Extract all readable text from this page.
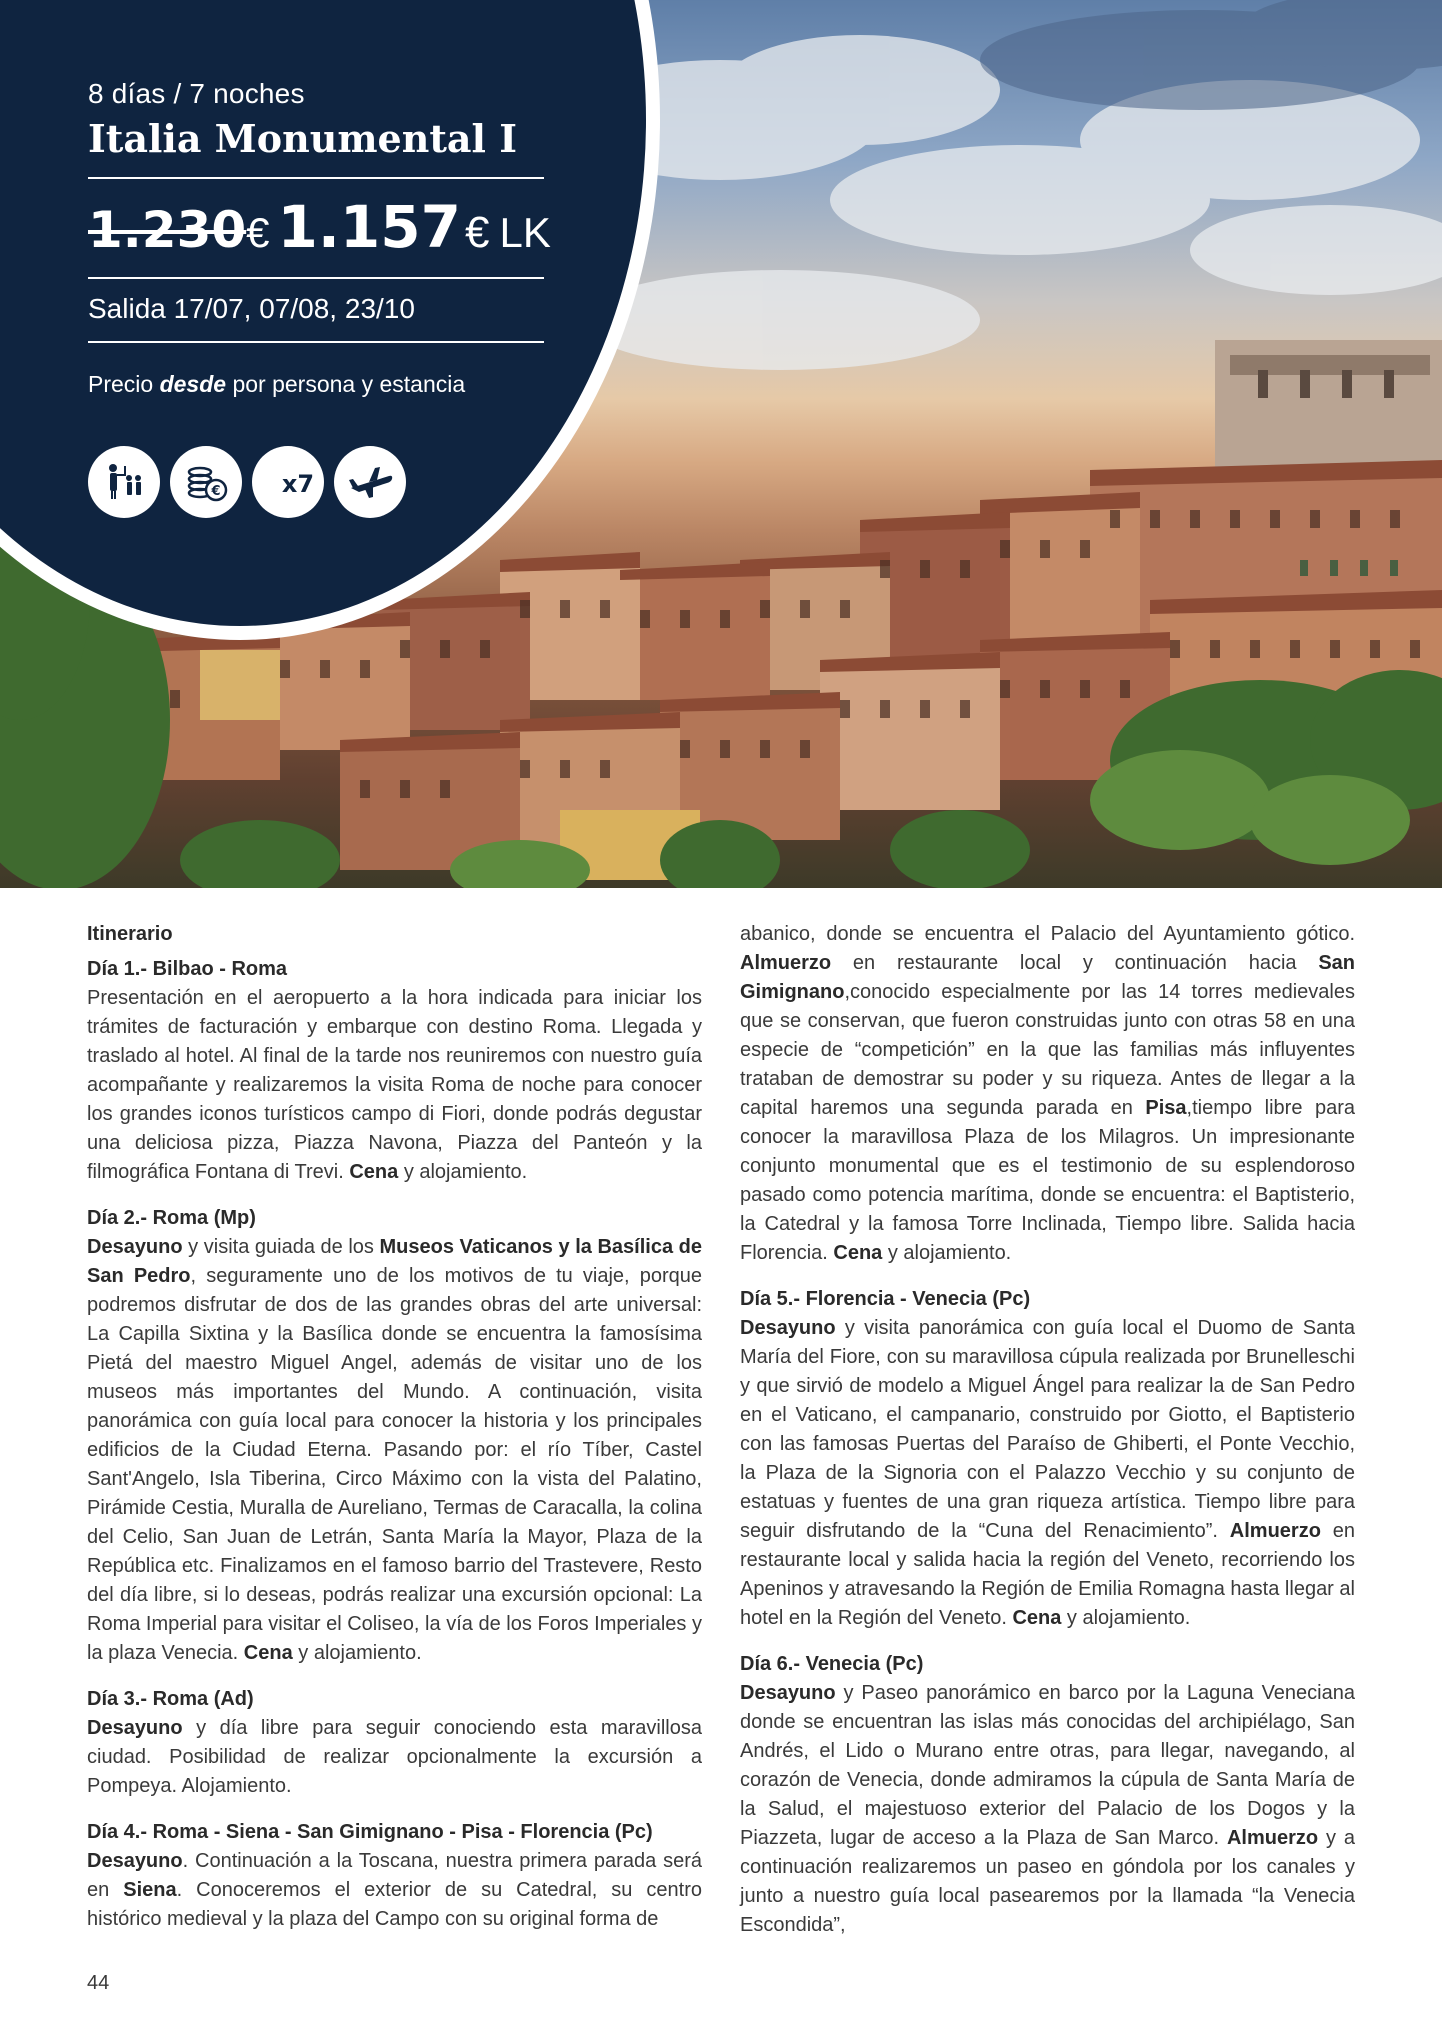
8 días / 7 noches
Italia Monumental I
1.230 € 1.157 € LK
Salida 17/07, 07/08, 23/10
Precio desde por persona y estancia
€	x7
Itinerario
Día 1.- Bilbao - Roma
Presentación en el aeropuerto a la hora indicada para iniciar los trámites de facturación y embarque con destino Roma. Llegada y traslado al hotel. Al final de la tarde nos reuniremos con nuestro guía acompañante y realizaremos la visita Roma de noche para conocer los grandes iconos turísticos campo di Fiori, donde podrás degustar una deliciosa pizza, Piazza Navona, Piazza del Panteón y la filmográfica Fontana di Trevi. Cena y alojamiento.
Día 2.- Roma (Mp)
Desayuno y visita guiada de los Museos Vaticanos y la Basílica de San Pedro, seguramente uno de los motivos de tu viaje, porque podremos disfrutar de dos de las grandes obras del arte universal: La Capilla Sixtina y la Basílica donde se encuentra la famosísima Pietá del maestro Miguel Angel, además de visitar uno de los museos más importantes del Mundo. A continuación, visita panorámica con guía local para conocer la historia y los principales edificios de la Ciudad Eterna. Pasando por: el río Tíber, Castel Sant'Angelo, Isla Tiberina, Circo Máximo con la vista del Palatino, Pirámide Cestia, Muralla de Aureliano, Termas de Caracalla, la colina del Celio, San Juan de Letrán, Santa María la Mayor, Plaza de la República etc. Finalizamos en el famoso barrio del Trastevere, Resto del día libre, si lo deseas, podrás realizar una excursión opcional: La Roma Imperial para visitar el Coliseo, la vía de los Foros Imperiales y la plaza Venecia. Cena y alojamiento.
Día 3.- Roma (Ad)
Desayuno y día libre para seguir conociendo esta maravillosa ciudad. Posibilidad de realizar opcionalmente la excursión a Pompeya. Alojamiento.
Día 4.- Roma - Siena - San Gimignano - Pisa - Florencia (Pc)
Desayuno. Continuación a la Toscana, nuestra primera parada será en Siena. Conoceremos el exterior de su Catedral, su centro histórico medieval y la plaza del Campo con su original forma de
abanico, donde se encuentra el Palacio del Ayuntamiento gótico. Almuerzo en restaurante local y continuación hacia San Gimignano,conocido especialmente por las 14 torres medievales que se conservan, que fueron construidas junto con otras 58 en una especie de “competición” en la que las familias más influyentes trataban de demostrar su poder y su riqueza. Antes de llegar a la capital haremos una segunda parada en Pisa,tiempo libre para conocer la maravillosa Plaza de los Milagros. Un impresionante conjunto monumental que es el testimonio de su esplendoroso pasado como potencia marítima, donde se encuentra: el Baptisterio, la Catedral y la famosa Torre Inclinada, Tiempo libre. Salida hacia Florencia. Cena y alojamiento.
Día 5.- Florencia - Venecia (Pc)
Desayuno y visita panorámica con guía local el Duomo de Santa María del Fiore, con su maravillosa cúpula realizada por Brunelleschi y que sirvió de modelo a Miguel Ángel para realizar la de San Pedro en el Vaticano, el campanario, construido por Giotto, el Baptisterio con las famosas Puertas del Paraíso de Ghiberti, el Ponte Vecchio, la Plaza de la Signoria con el Palazzo Vecchio y su conjunto de estatuas y fuentes de una gran riqueza artística. Tiempo libre para seguir disfrutando de la “Cuna del Renacimiento”. Almuerzo en restaurante local y salida hacia la región del Veneto, recorriendo los Apeninos y atravesando la Región de Emilia Romagna hasta llegar al hotel en la Región del Veneto. Cena y alojamiento.
Día 6.- Venecia (Pc)
Desayuno y Paseo panorámico en barco por la Laguna Veneciana donde se encuentran las islas más conocidas del archipiélago, San Andrés, el Lido o Murano entre otras, para llegar, navegando, al corazón de Venecia, donde admiramos la cúpula de Santa María de la Salud, el majestuoso exterior del Palacio de los Dogos y la Piazzeta, lugar de acceso a la Plaza de San Marco. Almuerzo y a continuación realizaremos un paseo en góndola por los canales y junto a nuestro guía local pasearemos por la llamada “la Venecia Escondida”,
44
